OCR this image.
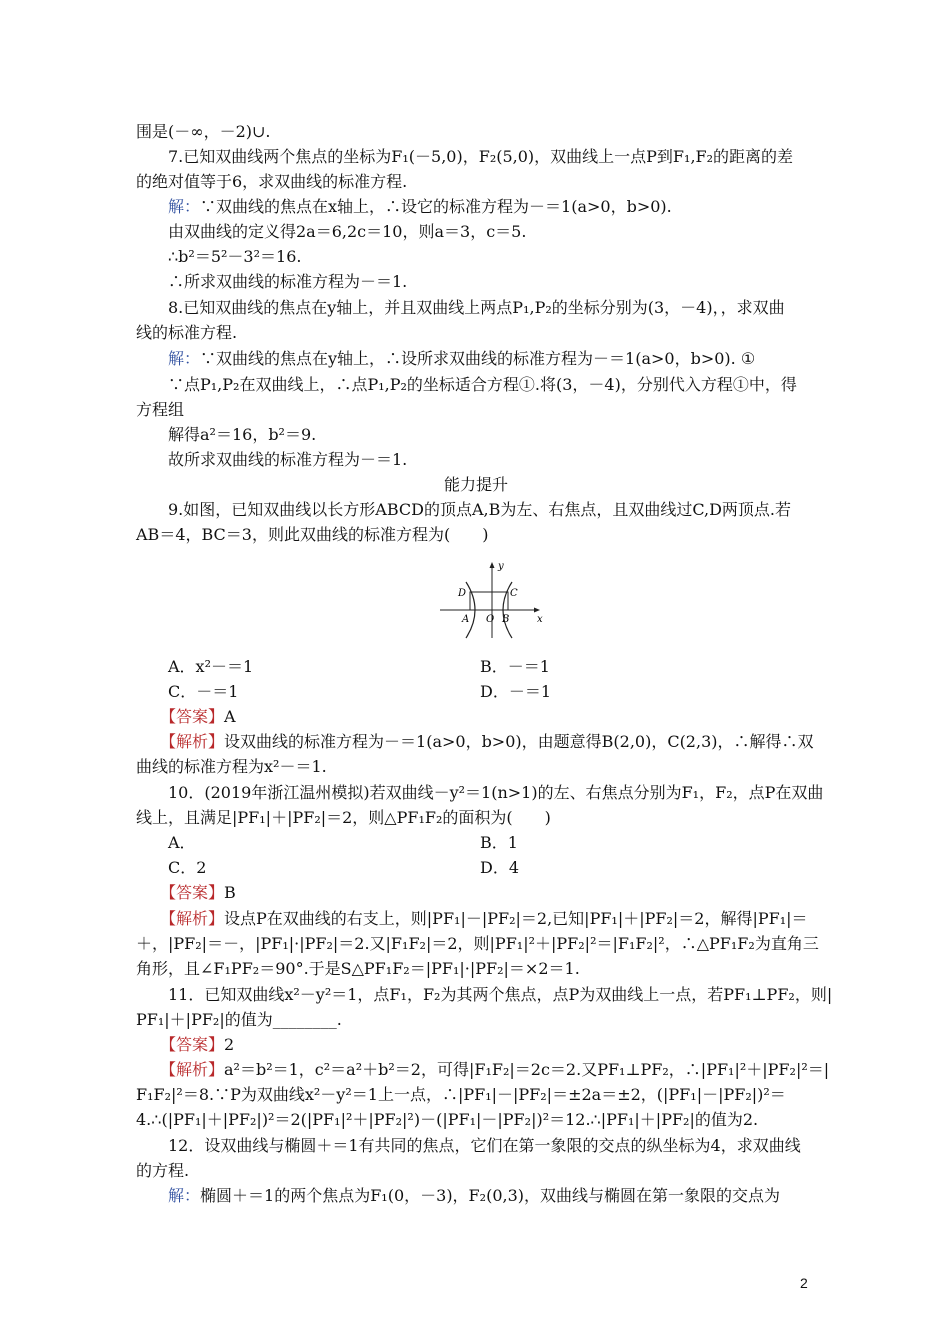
围是(－∞，－2)∪.
7.已知双曲线两个焦点的坐标为F₁(－5,0)，F₂(5,0)，双曲线上一点P到F₁,F₂的距离的差
的绝对值等于6，求双曲线的标准方程.
解：∵双曲线的焦点在x轴上，∴设它的标准方程为－＝1(a>0，b>0).
由双曲线的定义得2a＝6,2c＝10，则a＝3，c＝5.
∴b²＝5²－3²＝16.
∴所求双曲线的标准方程为－＝1.
8.已知双曲线的焦点在y轴上，并且双曲线上两点P₁,P₂的坐标分别为(3，－4)，，求双曲
线的标准方程.
解：∵双曲线的焦点在y轴上，∴设所求双曲线的标准方程为－＝1(a>0，b>0). ①
∵点P₁,P₂在双曲线上，∴点P₁,P₂的坐标适合方程①.将(3，－4)，分别代入方程①中，得
方程组
解得a²＝16，b²＝9.
故所求双曲线的标准方程为－＝1.
能力提升
9.如图，已知双曲线以长方形ABCD的顶点A,B为左、右焦点，且双曲线过C,D两顶点.若
AB＝4，BC＝3，则此双曲线的标准方程为(　　)
y
x
D	C
A O B
A．x²－＝1	B．－＝1
C．－＝1	D．－＝1
【答案】A
【解析】设双曲线的标准方程为－＝1(a>0，b>0)，由题意得B(2,0)，C(2,3)，∴解得∴双
曲线的标准方程为x²－＝1.
10．(2019年浙江温州模拟)若双曲线－y²＝1(n>1)的左、右焦点分别为F₁，F₂，点P在双曲
线上，且满足|PF₁|＋|PF₂|＝2，则△PF₁F₂的面积为(　　)
A．	B．1
C．2	D．4
【答案】B
【解析】设点P在双曲线的右支上，则|PF₁|－|PF₂|＝2,已知|PF₁|＋|PF₂|＝2，解得|PF₁|＝
＋，|PF₂|＝－，|PF₁|·|PF₂|＝2.又|F₁F₂|＝2，则|PF₁|²＋|PF₂|²＝|F₁F₂|²，∴△PF₁F₂为直角三
角形，且∠F₁PF₂＝90°.于是S△PF₁F₂＝|PF₁|·|PF₂|＝×2＝1.
11．已知双曲线x²－y²＝1，点F₁，F₂为其两个焦点，点P为双曲线上一点，若PF₁⊥PF₂，则|
PF₁|＋|PF₂|的值为________.
【答案】2
【解析】a²＝b²＝1，c²＝a²＋b²＝2，可得|F₁F₂|＝2c＝2.又PF₁⊥PF₂，∴|PF₁|²＋|PF₂|²＝|
F₁F₂|²＝8.∵P为双曲线x²－y²＝1上一点，∴|PF₁|－|PF₂|＝±2a＝±2，(|PF₁|－|PF₂|)²＝
4.∴(|PF₁|＋|PF₂|)²＝2(|PF₁|²＋|PF₂|²)－(|PF₁|－|PF₂|)²＝12.∴|PF₁|＋|PF₂|的值为2.
12．设双曲线与椭圆＋＝1有共同的焦点，它们在第一象限的交点的纵坐标为4，求双曲线
的方程.
解：椭圆＋＝1的两个焦点为F₁(0，－3)，F₂(0,3)，双曲线与椭圆在第一象限的交点为
2
